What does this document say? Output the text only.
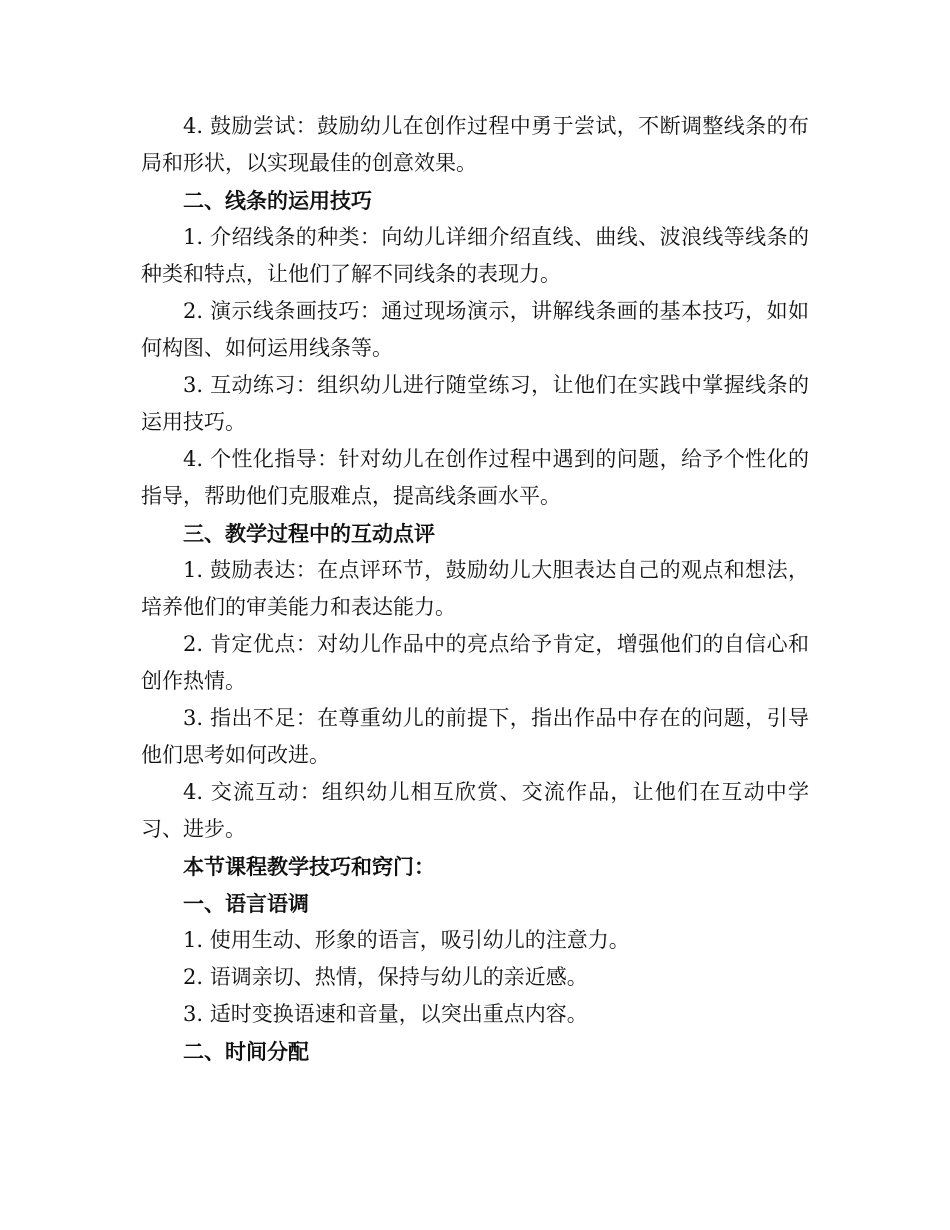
4. 鼓励尝试：鼓励幼儿在创作过程中勇于尝试，不断调整线条的布局和形状，以实现最佳的创意效果。

二、线条的运用技巧

1. 介绍线条的种类：向幼儿详细介绍直线、曲线、波浪线等线条的种类和特点，让他们了解不同线条的表现力。

2. 演示线条画技巧：通过现场演示，讲解线条画的基本技巧，如如何构图、如何运用线条等。

3. 互动练习：组织幼儿进行随堂练习，让他们在实践中掌握线条的运用技巧。

4. 个性化指导：针对幼儿在创作过程中遇到的问题，给予个性化的指导，帮助他们克服难点，提高线条画水平。

三、教学过程中的互动点评

1. 鼓励表达：在点评环节，鼓励幼儿大胆表达自己的观点和想法，培养他们的审美能力和表达能力。

2. 肯定优点：对幼儿作品中的亮点给予肯定，增强他们的自信心和创作热情。

3. 指出不足：在尊重幼儿的前提下，指出作品中存在的问题，引导他们思考如何改进。

4. 交流互动：组织幼儿相互欣赏、交流作品，让他们在互动中学习、进步。

本节课程教学技巧和窍门：

一、语言语调

1. 使用生动、形象的语言，吸引幼儿的注意力。

2. 语调亲切、热情，保持与幼儿的亲近感。

3. 适时变换语速和音量，以突出重点内容。

二、时间分配
